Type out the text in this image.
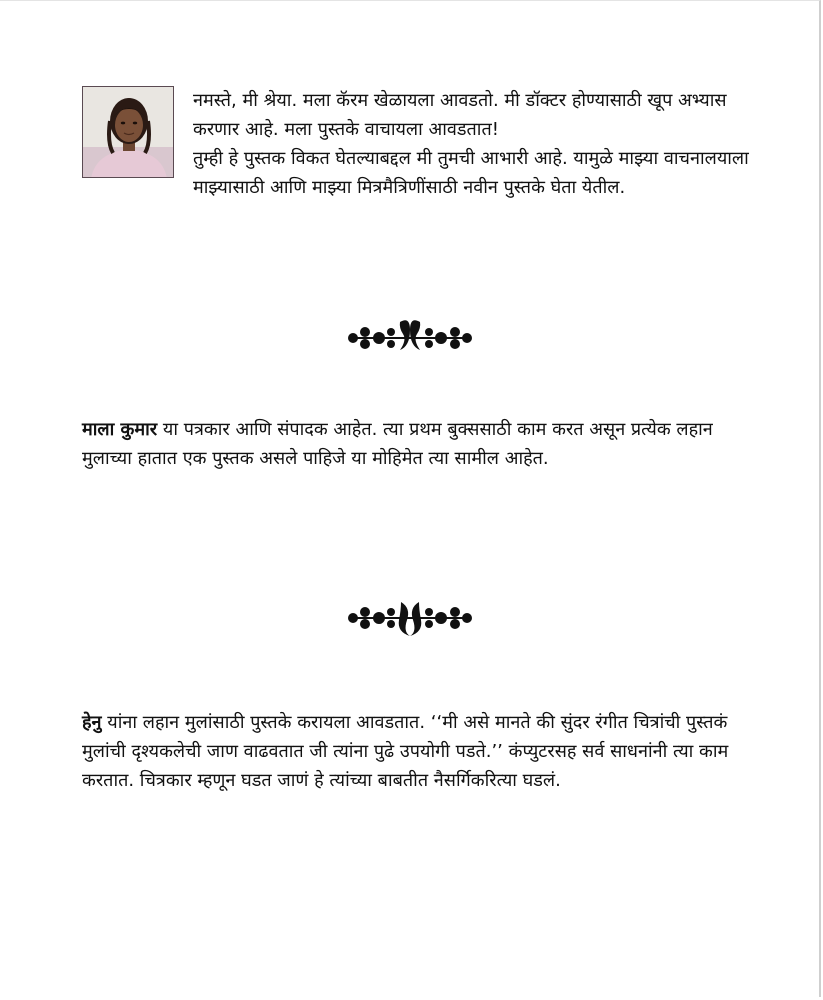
नमस्ते, मी श्रेया. मला कॅरम खेळायला आवडतो. मी डॉक्टर होण्यासाठी खूप अभ्यास करणार आहे. मला पुस्तके वाचायला आवडतात!

तुम्ही हे पुस्तक विकत घेतल्याबद्दल मी तुमची आभारी आहे. यामुळे माझ्या वाचनालयाला माझ्यासाठी आणि माझ्या मित्रमैत्रिणींसाठी नवीन पुस्तके घेता येतील.

माला कुमार या पत्रकार आणि संपादक आहेत. त्या प्रथम बुक्ससाठी काम करत असून प्रत्येक लहान मुलाच्या हातात एक पुस्तक असले पाहिजे या मोहिमेत त्या सामील आहेत.
हेनु यांना लहान मुलांसाठी पुस्तके करायला आवडतात. ‘‘मी असे मानते की सुंदर रंगीत चित्रांची पुस्तकं मुलांची दृश्यकलेची जाण वाढवतात जी त्यांना पुढे उपयोगी पडते.’’ कंप्युटरसह सर्व साधनांनी त्या काम करतात. चित्रकार म्हणून घडत जाणं हे त्यांच्या बाबतीत नैसर्गिकरित्या घडलं.
